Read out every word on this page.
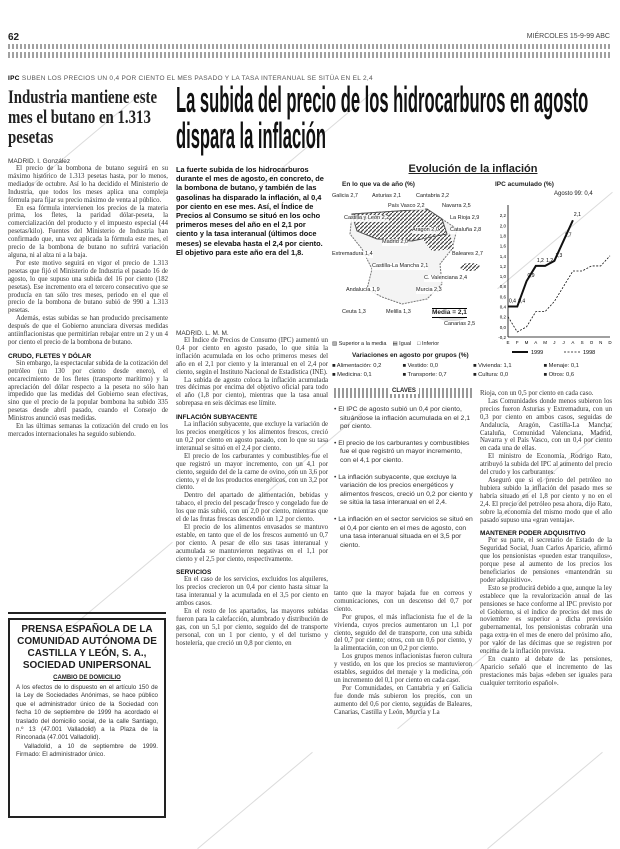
62	MIÉRCOLES 15-9-99 ABC
IPC SUBEN LOS PRECIOS UN 0,4 POR CIENTO EL MES PASADO Y LA TASA INTERANUAL SE SITÚA EN EL 2,4
Industria mantiene este mes el butano en 1.313 pesetas
La subida del precio de los hidrocarburos en agosto dispara la inflación
MADRID. I. González

El precio de la bombona de butano seguirá en su máximo histórico de 1.313 pesetas hasta, por lo menos, mediados de octubre. Así lo ha decidido el Ministerio de Industria, que todos los meses aplica una compleja fórmula para fijar su precio máximo de venta al público.

En esa fórmula intervienen los precios de la materia prima, los fletes, la paridad dólar-peseta, la comercialización del producto y el impuesto especial (44 pesetas/kilo). Fuentes del Ministerio de Industria han confirmado que, una vez aplicada la fórmula este mes, el precio de la bombona de butano no sufrirá variación alguna, ni al alza ni a la baja.

Por este motivo seguirá en vigor el precio de 1.313 pesetas que fijó el Ministerio de Industria el pasado 16 de agosto, lo que supuso una subida del 16 por ciento (182 pesetas). Ese incremento era el tercero consecutivo que se producía en tan sólo tres meses, periodo en el que el precio de la bombona de butano subió de 990 a 1.313 pesetas.

Además, estas subidas se han producido precisamente después de que el Gobierno anunciara diversas medidas antiinflacionistas que permitirían rebajar entre un 2 y un 4 por ciento el precio de la bombona de butano.

CRUDO, FLETES Y DÓLAR

Sin embargo, la espectacular subida de la cotización del petróleo (un 130 por ciento desde enero), el encarecimiento de los fletes (transporte marítimo) y la apreciación del dólar respecto a la peseta no sólo han impedido que las medidas del Gobierno sean efectivas, sino que el precio de la popular bombona ha subido 335 pesetas desde abril pasado, cuando el Consejo de Ministros anunció esas medidas.

En las últimas semanas la cotización del crudo en los mercados internacionales ha seguido subiendo.

PRENSA ESPAÑOLA DE LA COMUNIDAD AUTÓNOMA DE CASTILLA Y LEÓN, S. A., SOCIEDAD UNIPERSONAL
CAMBIO DE DOMICILIO

A los efectos de lo dispuesto en el artículo 150 de la Ley de Sociedades Anónimas, se hace público que el administrador único de la Sociedad con fecha 10 de septiembre de 1999 ha acordado el traslado del domicilio social, de la calle Santiago, n.º 13 (47.001 Valladolid) a la Plaza de la Rinconada (47.001 Valladolid).

Valladolid, a 10 de septiembre de 1999. Firmado: El administrador único.

La fuerte subida de los hidrocarburos durante el mes de agosto, en concreto, de la bombona de butano, y también de las gasolinas ha disparado la inflación, al 0,4 por ciento en ese mes. Así, el Índice de Precios al Consumo se situó en los ocho primeros meses del año en el 2,1 por ciento y la tasa interanual (últimos doce meses) se elevaba hasta el 2,4 por ciento. El objetivo para este año era del 1,8.
MADRID. L. M. M.

El Índice de Precios de Consumo (IPC) aumentó un 0,4 por ciento en agosto pasado, lo que sitúa la inflación acumulada en los ocho primeros meses del año en el 2,1 por ciento y la interanual en el 2,4 por ciento, según el Instituto Nacional de Estadística (INE).

La subida de agosto coloca la inflación acumulada tres décimas por encima del objetivo oficial para todo el año (1,8 por ciento), mientras que la tasa anual sobrepasa en seis décimas ese límite.

INFLACIÓN SUBYACENTE

La inflación subyacente, que excluye la variación de los precios energéticos y los alimentos frescos, creció un 0,2 por ciento en agosto pasado, con lo que su tasa interanual se situó en el 2,4 por ciento.

El precio de los carburantes y combustibles fue el que registró un mayor incremento, con un 4,1 por ciento, seguido del de la carne de ovino, con un 3,6 por ciento, y el de los productos energéticos, con un 3,2 por ciento.

Dentro del apartado de alimentación, bebidas y tabaco, el precio del pescado fresco y congelado fue de los que más subió, con un 2,0 por ciento, mientras que el de las frutas frescas descendió un 1,2 por ciento.

El precio de los alimentos envasados se mantuvo estable, en tanto que el de los frescos aumentó un 0,7 por ciento. A pesar de ello sus tasas interanual y acumulada se mantuvieron negativas en el 1,1 por ciento y el 2,5 por ciento, respectivamente.

SERVICIOS

En el caso de los servicios, excluidos los alquileres, los precios crecieron un 0,4 por ciento hasta situar la tasa interanual y la acumulada en el 3,5 por ciento en ambos casos.

En el resto de los apartados, las mayores subidas fueron para la calefacción, alumbrado y distribución de gas, con un 5,1 por ciento, seguido del de transporte personal, con un 1 por ciento, y el del turismo y hostelería, que creció un 0,8 por ciento, en

CLAVES
• El IPC de agosto subió un 0,4 por ciento, situándose la inflación acumulada en el 2,1 por ciento.
• El precio de los carburantes y combustibles fue el que registró un mayor incremento, con el 4,1 por ciento.
• La inflación subyacente, que excluye la variación de los precios energéticos y alimentos frescos, creció un 0,2 por ciento y se sitúa la tasa interanual en el 2,4.
• La inflación en el sector servicios se situó en el 0,4 por ciento en el mes de agosto, con una tasa interanual situada en el 3,5 por ciento.

tanto que la mayor bajada fue en correos y comunicaciones, con un descenso del 0,7 por ciento.

Por grupos, el más inflacionista fue el de la vivienda, cuyos precios aumentaron un 1,1 por ciento, seguido del de transporte, con una subida del 0,7 por ciento; otros, con un 0,6 por ciento, y la alimentación, con un 0,2 por ciento.

Los grupos menos inflacionistas fueron cultura y vestido, en los que los precios se mantuvieron estables, seguidos del menaje y la medicina, con un incremento del 0,1 por ciento en cada caso.

Por Comunidades, en Cantabria y en Galicia fue donde más subieron los precios, con un aumento del 0,6 por ciento, seguidas de Baleares, Canarias, Castilla y León, Murcia y La

Rioja, con un 0,5 por ciento en cada caso.

Las Comunidades donde menos subieron los precios fueron Asturias y Extremadura, con un 0,3 por ciento en ambos casos, seguidas de Andalucía, Aragón, Castilla-La Mancha, Cataluña, Comunidad Valenciana, Madrid, Navarra y el País Vasco, con un 0,4 por ciento en cada una de ellas.

El ministro de Economía, Rodrigo Rato, atribuyó la subida del IPC al aumento del precio del crudo y los carburantes.

Aseguró que si el precio del petróleo no hubiera subido la inflación del pasado mes se habría situado en el 1,8 por ciento y no en el 2,4. El precio del petróleo pesa ahora, dijo Rato, sobre la economía del mismo modo que el año pasado supuso una «gran ventaja».

MANTENER PODER ADQUISITIVO

Por su parte, el secretario de Estado de la Seguridad Social, Juan Carlos Aparicio, afirmó que los pensionistas «pueden estar tranquilos», porque pese al aumento de los precios los beneficiarios de pensiones «mantendrán su poder adquisitivo».

Esto se producirá debido a que, aunque la ley establece que la revalorización anual de las pensiones se hace conforme al IPC previsto por el Gobierno, si el índice de precios del mes de noviembre es superior a dicha previsión gubernamental, los pensionistas cobrarán una paga extra en el mes de enero del próximo año, por valor de las décimas que se registren por encima de la inflación prevista.

En cuanto al debate de las pensiones, Aparicio señaló que el incremento de las prestaciones más bajas «deben ser iguales para cualquier territorio español».

Evolución de la inflación
En lo que va de año (%)
Galicia 2,7	Asturias 2,1	Cantabria 2,2
País Vasco 2,2	Navarra 2,5
La Rioja 2,9
Cataluña 2,8
Castilla y León 2,2
Aragón 2,0
Madrid 2,0
Extremadura 1,4
Castilla-La Mancha 2,1
C. Valenciana 2,4
Baleares 2,7
Andalucía 1,9	Murcia 2,3
Ceuta 1,3	Melilla 1,3
Canarias 2,5
Media = 2,1
▨ Superior a la media ▤ Igual □ Inferior
IPC acumulado (%)
Agosto 99: 0,4
-0,2
0,0
0,2
0,4
0,6
0,8
1,0
1,2
1,4
1,6
1,8
2,0
2,2
E F M A M J J A S O N D
0,4 0,4
0,9
1,2 1,2
1,3
1,7
2,1
1999	1998
Variaciones en agosto por grupos (%)
■ Alimentación: 0,2	■ Vestido: 0,0	■ Vivienda: 1,1	■ Menaje: 0,1
■ Medicina: 0,1	■ Transporte: 0,7	■ Cultura: 0,0	■ Otros: 0,6
